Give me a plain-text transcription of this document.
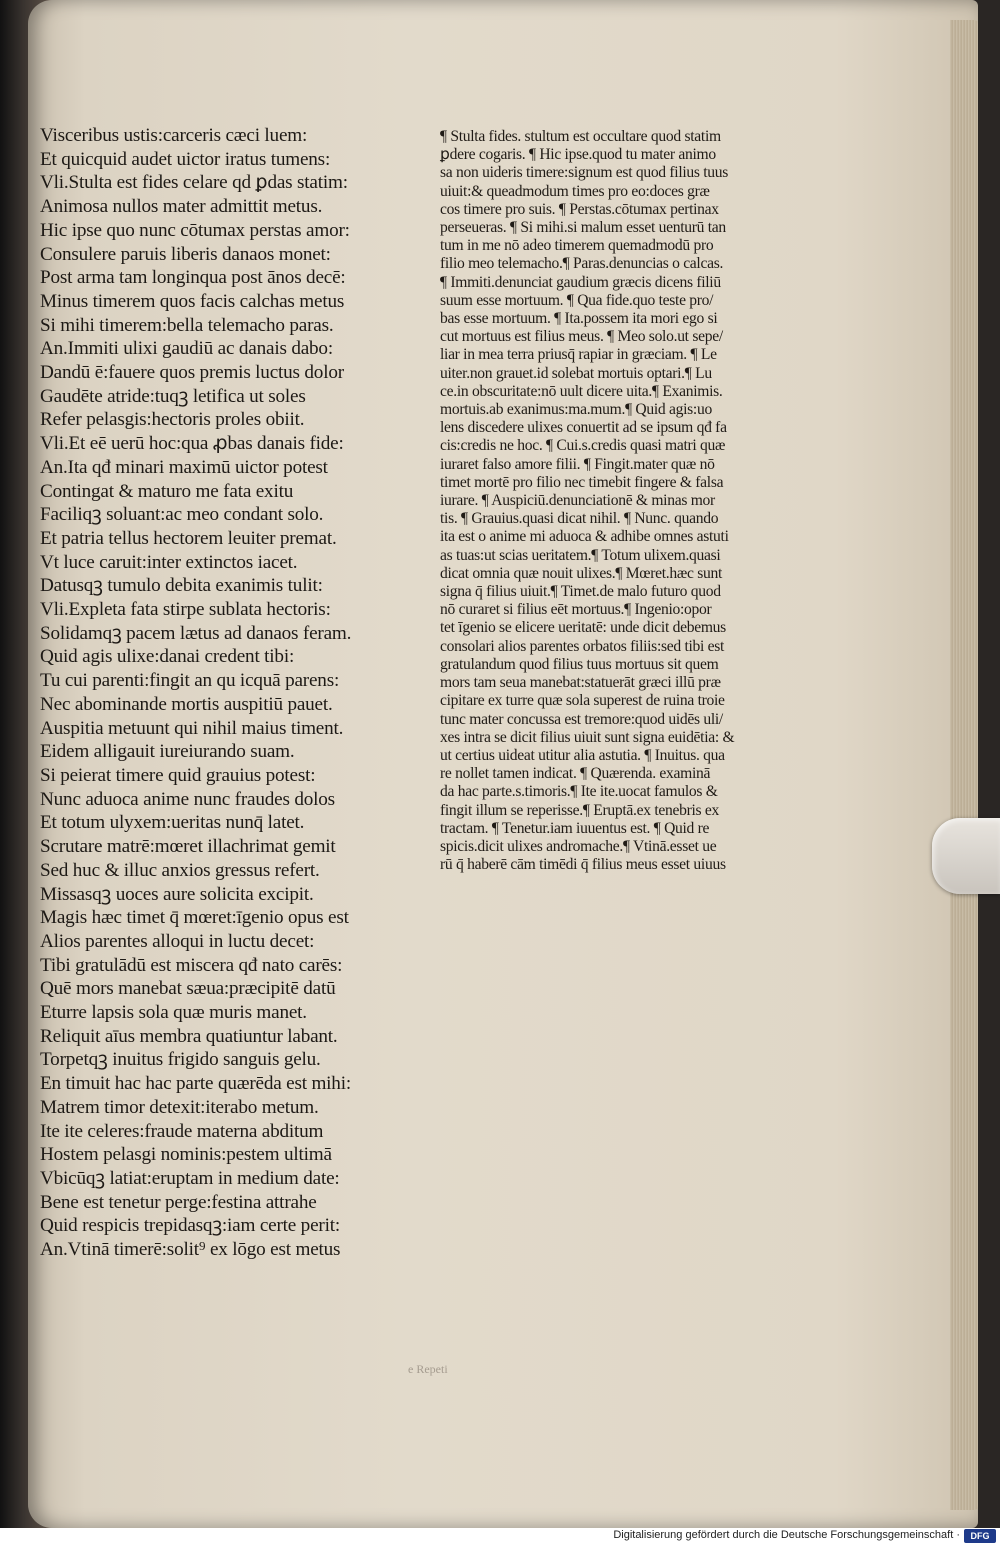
Visceribus ustis:carceris cæci luem:
Et quicquid audet uictor iratus tumens:
Vli.Stulta est fides celare qd ꝑdas statim:
Animosa nullos mater admittit metus.
Hic ipse quo nunc cōtumax perstas amor:
Consulere paruis liberis danaos monet:
Post arma tam longinqua post ānos decē:
Minus timerem quos facis calchas metus
Si mihi timerem:bella telemacho paras.
An.Immiti ulixi gaudiū ac danais dabo:
Dandū ē:fauere quos premis luctus dolor
Gaudēte atride:tuqꝫ letifica ut soles
Refer pelasgis:hectoris proles obiit.
Vli.Et eē uerū hoc:qua ꝓbas danais fide:
An.Ita qđ minari maximū uictor potest
Contingat & maturo me fata exitu
Faciliqꝫ soluant:ac meo condant solo.
Et patria tellus hectorem leuiter premat.
Vt luce caruit:inter extinctos iacet.
Datusqꝫ tumulo debita exanimis tulit:
Vli.Expleta fata stirpe sublata hectoris:
Solidamqꝫ pacem lætus ad danaos feram.
Quid agis ulixe:danai credent tibi:
Tu cui parenti:fingit an qu icquā parens:
Nec abominande mortis auspitiū pauet.
Auspitia metuunt qui nihil maius timent.
Eidem alligauit iureiurando suam.
Si peierat timere quid grauius potest:
Nunc aduoca anime nunc fraudes dolos
Et totum ulyxem:ueritas nunq̄ latet.
Scrutare matrē:mœret illachrimat gemit
Sed huc & illuc anxios gressus refert.
Missasqꝫ uoces aure solicita excipit.
Magis hæc timet q̄ mœret:īgenio opus est
Alios parentes alloqui in luctu decet:
Tibi gratulādū est miscera qđ nato carēs:
Quē mors manebat sæua:præcipitē datū
Eturre lapsis sola quæ muris manet.
Reliquit aīus membra quatiuntur labant.
Torpetqꝫ inuitus frigido sanguis gelu.
En timuit hac hac parte quærēda est mihi:
Matrem timor detexit:iterabo metum.
Ite ite celeres:fraude materna abditum
Hostem pelasgi nominis:pestem ultimā
Vbicūqꝫ latiat:eruptam in medium date:
Bene est tenetur perge:festina attrahe
Quid respicis trepidasqꝫ:iam certe perit:
An.Vtinā timerē:solit⁹ ex lōgo est metus
¶ Stulta fides. stultum est occultare quod statim
ꝑdere cogaris. ¶ Hic ipse.quod tu mater animo
sa non uideris timere:signum est quod filius tuus
uiuit:& queadmodum times pro eo:doces græ
cos timere pro suis. ¶ Perstas.cōtumax pertinax
perseueras. ¶ Si mihi.si malum esset uenturū tan
tum in me nō adeo timerem quemadmodū pro
filio meo telemacho.¶ Paras.denuncias o calcas.
¶ Immiti.denunciat gaudium græcis dicens filiū
suum esse mortuum. ¶ Qua fide.quo teste pro/
bas esse mortuum. ¶ Ita.possem ita mori ego si
cut mortuus est filius meus. ¶ Meo solo.ut sepe/
liar in mea terra priusq̄ rapiar in græciam. ¶ Le
uiter.non grauet.id solebat mortuis optari.¶ Lu
ce.in obscuritate:nō uult dicere uita.¶ Exanimis.
mortuis.ab exanimus:ma.mum.¶ Quid agis:uo
lens discedere ulixes conuertit ad se ipsum qđ fa
cis:credis ne hoc. ¶ Cui.s.credis quasi matri quæ
iuraret falso amore filii. ¶ Fingit.mater quæ nō
timet mortē pro filio nec timebit fingere & falsa
iurare. ¶ Auspiciū.denunciationē & minas mor
tis. ¶ Grauius.quasi dicat nihil. ¶ Nunc. quando
ita est o anime mi aduoca & adhibe omnes astuti
as tuas:ut scias ueritatem.¶ Totum ulixem.quasi
dicat omnia quæ nouit ulixes.¶ Mœret.hæc sunt
signa q̄ filius uiuit.¶ Timet.de malo futuro quod
nō curaret si filius eēt mortuus.¶ Ingenio:opor
tet īgenio se elicere ueritatē: unde dicit debemus
consolari alios parentes orbatos filiis:sed tibi est
gratulandum quod filius tuus mortuus sit quem
mors tam seua manebat:statuerāt græci illū præ
cipitare ex turre quæ sola superest de ruina troie
tunc mater concussa est tremore:quod uidēs uli/
xes intra se dicit filius uiuit sunt signa euidētia: &
ut certius uideat utitur alia astutia. ¶ Inuitus. qua
re nollet tamen indicat. ¶ Quærenda. examinā
da hac parte.s.timoris.¶ Ite ite.uocat famulos &
fingit illum se reperisse.¶ Eruptā.ex tenebris ex
tractam. ¶ Tenetur.iam iuuentus est. ¶ Quid re
spicis.dicit ulixes andromache.¶ Vtinā.esset ue
rū q̄ haberē cām timēdi q̄ filius meus esset uiuus
e Repeti
Digitalisierung gefördert durch die Deutsche Forschungsgemeinschaft ·	DFG
